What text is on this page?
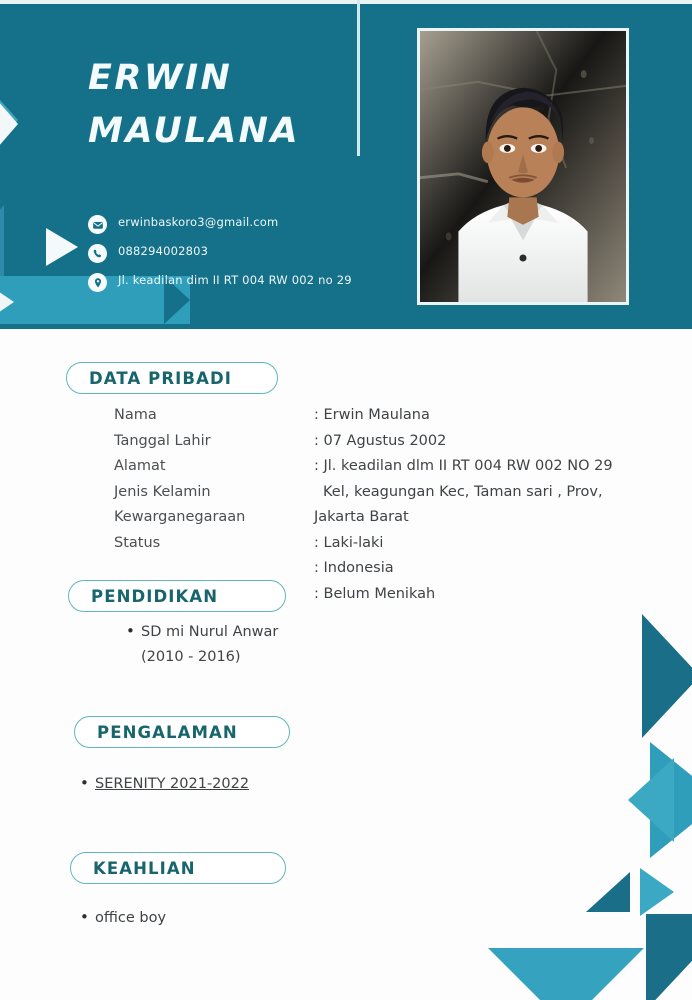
ERWIN
MAULANA
erwinbaskoro3@gmail.com
088294002803
Jl. keadilan dim II RT 004 RW 002 no 29
DATA PRIBADI
Nama
Tanggal Lahir
Alamat
Jenis Kelamin
Kewarganegaraan
Status
: Erwin Maulana
: 07 Agustus 2002
: Jl. keadilan dlm II RT 004 RW 002 NO 29
Kel, keagungan Kec, Taman sari , Prov,
Jakarta Barat
: Laki-laki
: Indonesia
: Belum Menikah
PENDIDIKAN
• SD mi Nurul Anwar
(2010 - 2016)
PENGALAMAN
• SERENITY 2021-2022
KEAHLIAN
• office boy
